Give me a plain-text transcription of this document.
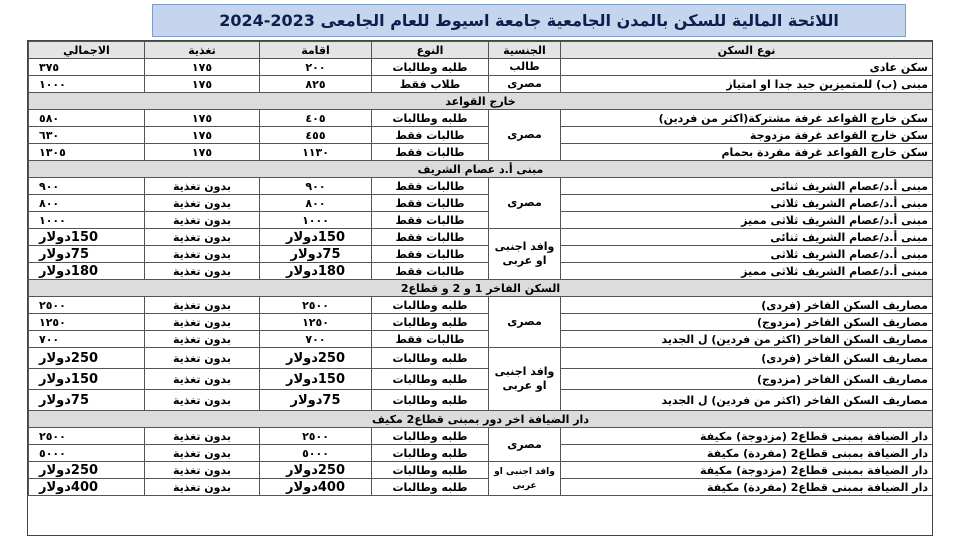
اللائحة المالية للسكن بالمدن الجامعية جامعة اسيوط للعام الجامعى 2023-2024
نوع السكن	الجنسية	النوع	اقامة	تغذية	الاجمالي
سكن عادى	طالب	طلبه وطالبات	٢٠٠	١٧٥	٣٧٥
مبنى (ب) للمتميزين جيد جدا او امتياز	مصرى	طلاب فقط	٨٢٥	١٧٥	١٠٠٠
خارج القواعد					
سكن خارج القواعد غرفة مشتركة(اكثر من فردين)	مصرى	طلبه وطالبات	٤٠٥	١٧٥	٥٨٠
سكن خارج القواعد غرفة مزدوجة		طالبات فقط	٤٥٥	١٧٥	٦٣٠
سكن خارج القواعد غرفة مفردة بحمام		طالبات فقط	١١٣٠	١٧٥	١٣٠٥
مبنى أ.د عصام الشريف					
مبنى أ.د/عصام الشريف ثنائى	مصرى	طالبات فقط	٩٠٠	بدون تغذية	٩٠٠
مبنى أ.د/عصام الشريف ثلاثى		طالبات فقط	٨٠٠	بدون تغذية	٨٠٠
مبنى أ.د/عصام الشريف ثلاثى مميز		طالبات فقط	١٠٠٠	بدون تغذية	١٠٠٠
مبنى أ.د/عصام الشريف ثنائى	وافد اجنبى او عربى	طالبات فقط	150دولار	بدون تغذية	150دولار
مبنى أ.د/عصام الشريف ثلاثى		طالبات فقط	75دولار	بدون تغذية	75دولار
مبنى أ.د/عصام الشريف ثلاثى مميز		طالبات فقط	180دولار	بدون تغذية	180دولار
السكن الفاخر 1 و 2 و قطاع2					
مصاريف السكن الفاخر (فردى)	مصرى	طلبه وطالبات	٢٥٠٠	بدون تغذية	٢٥٠٠
مصاريف السكن الفاخر (مزدوج)		طلبه وطالبات	١٢٥٠	بدون تغذية	١٢٥٠
مصاريف السكن الفاخر (اكثر من فردين) ل الجديد		طالبات فقط	٧٠٠	بدون تغذية	٧٠٠
مصاريف السكن الفاخر (فردى)	وافد اجنبى او عربى	طلبه وطالبات	250دولار	بدون تغذية	250دولار
مصاريف السكن الفاخر (مزدوج)		طلبه وطالبات	150دولار	بدون تغذية	150دولار
مصاريف السكن الفاخر (اكثر من فردين) ل الجديد		طلبه وطالبات	75دولار	بدون تغذية	75دولار
دار الضيافة اخر دور بمبنى قطاع2 مكيف					
دار الضيافة بمبنى قطاع2 (مزدوجة) مكيفة	مصرى	طلبه وطالبات	٢٥٠٠	بدون تغذية	٢٥٠٠
دار الضيافة بمبنى قطاع2 (مفردة) مكيفة		طلبه وطالبات	٥٠٠٠	بدون تغذية	٥٠٠٠
دار الضيافة بمبنى قطاع2 (مزدوجة) مكيفة	وافد اجنبى او عربى	طلبه وطالبات	250دولار	بدون تغذية	250دولار
دار الضيافة بمبنى قطاع2 (مفردة) مكيفة		طلبه وطالبات	400دولار	بدون تغذية	400دولار
